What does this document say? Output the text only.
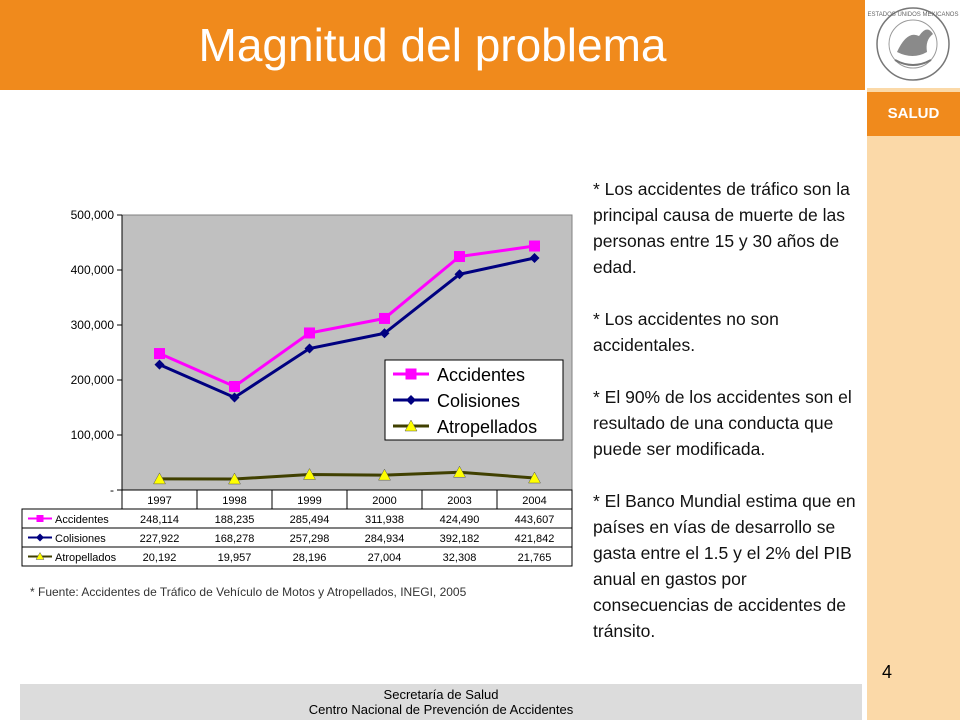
Magnitud del problema
ESTADOS UNIDOS MEXICANOS
SALUD
-
100,000
200,000
300,000
400,000
500,000
Accidentes
Colisiones
Atropellados
1997	1998	1999	2000	2003	2004
Accidentes	248,114	188,235	285,494	311,938	424,490	443,607
Colisiones	227,922	168,278	257,298	284,934	392,182	421,842
Atropellados 20,192	19,957	28,196	27,004	32,308	21,765
* Fuente: Accidentes de Tráfico de Vehículo de Motos y Atropellados, INEGI, 2005

* Los accidentes de tráfico son la principal causa de muerte de las personas entre 15 y 30 años de edad.

* Los accidentes no son accidentales.

* El 90% de los accidentes son el resultado de una conducta que puede ser modificada.

* El Banco Mundial estima que en países en vías de desarrollo se gasta entre el 1.5 y el 2% del PIB anual en gastos por consecuencias de accidentes de tránsito.

4
Secretaría de Salud
Centro Nacional de Prevención de Accidentes
